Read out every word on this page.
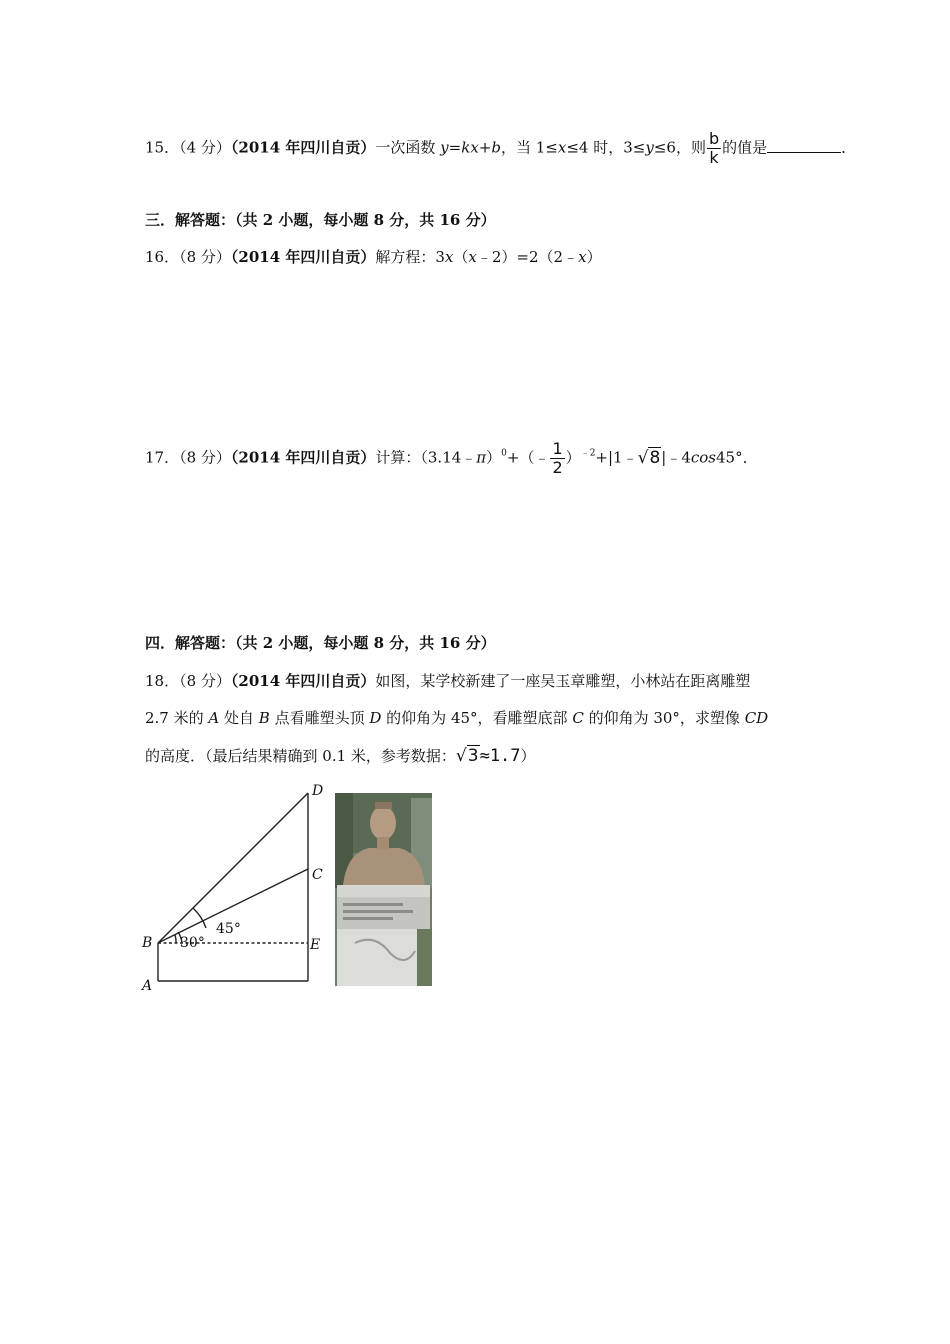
15．（4 分）（2014 年四川自贡）一次函数 y=kx+b，当 1≤x≤4 时，3≤y≤6，则 $\frac{b}{k}$ 的值是	．
三．解答题：（共 2 小题，每小题 8 分，共 16 分）
16．（8 分）（2014 年四川自贡）解方程：3x（x﹣2）=2（2﹣x）
17．（8 分）（2014 年四川自贡）计算：（3.14﹣π）$^0$+（﹣ $\frac{1}{2}$ ）$^{﹣2}$+|1﹣√8|﹣4cos45°．
四．解答题：（共 2 小题，每小题 8 分，共 16 分）
18．（8 分）（2014 年四川自贡）如图，某学校新建了一座吴玉章雕塑，小林站在距离雕塑
2.7 米的 A 处自 B 点看雕塑头顶 D 的仰角为 45°，看雕塑底部 C 的仰角为 30°，求塑像 CD
的高度．（最后结果精确到 0.1 米，参考数据：√3≈1.7）
D
C
E
B
A
45°
30°
